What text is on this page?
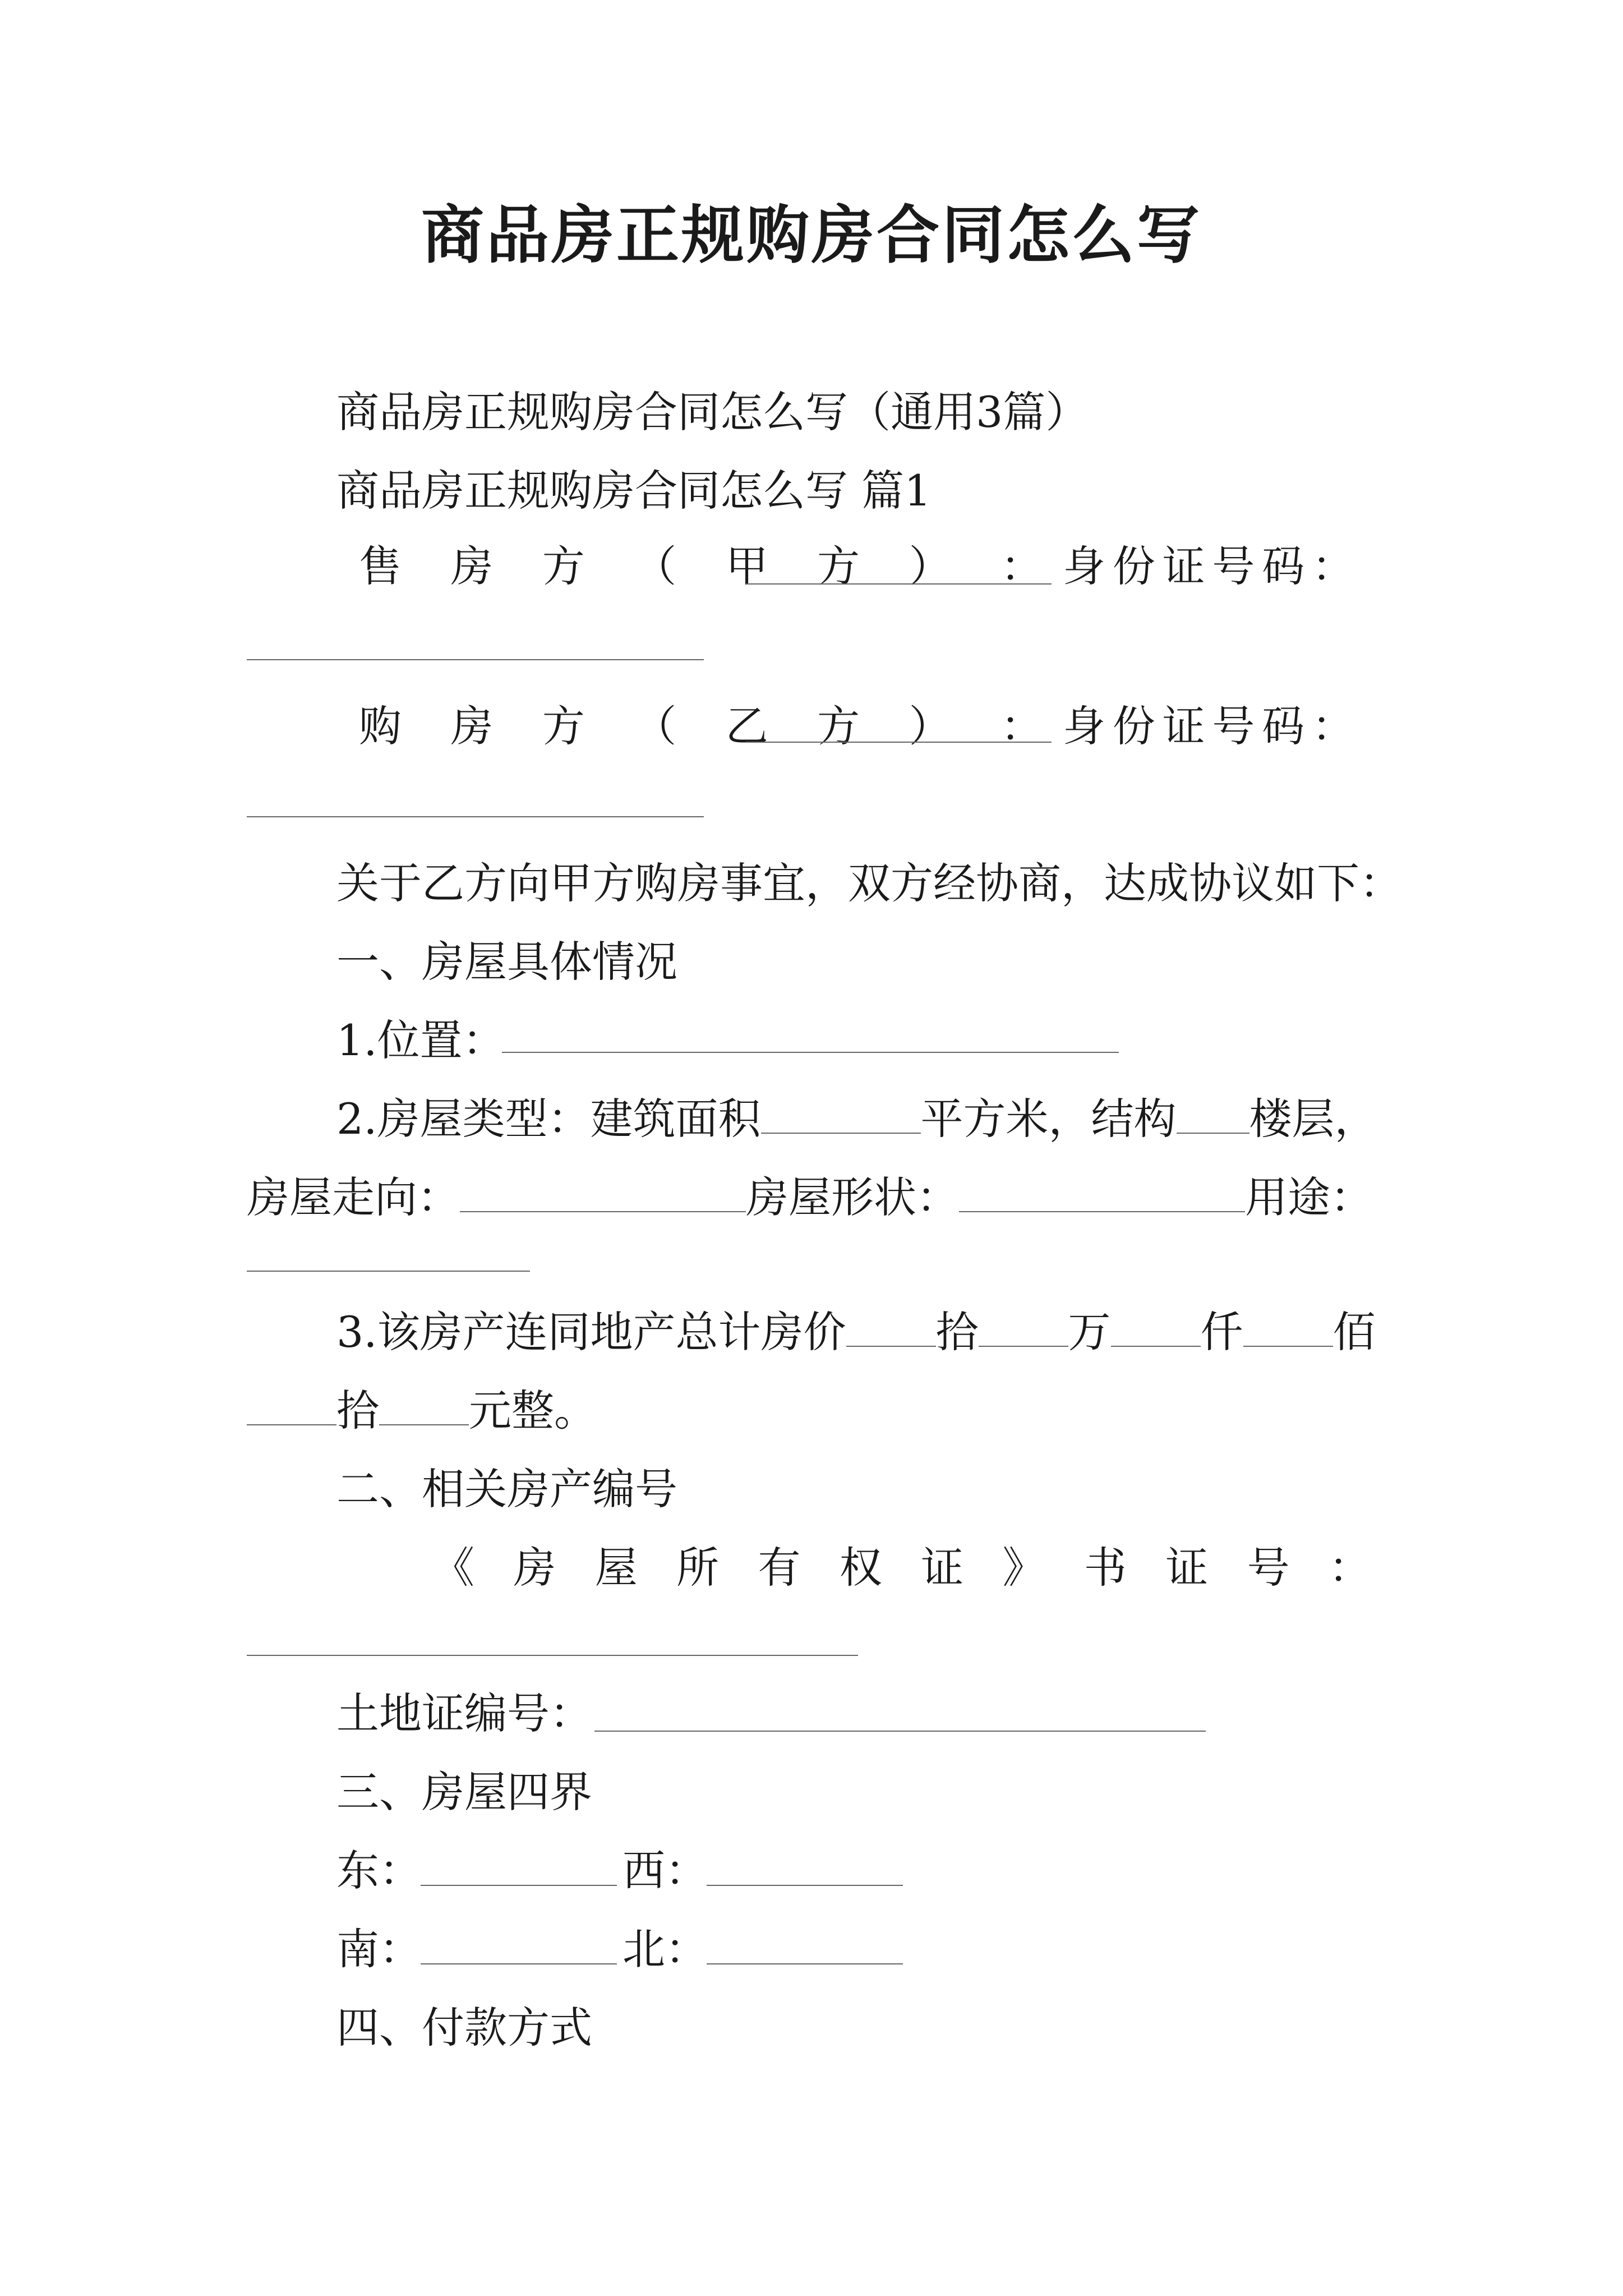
商品房正规购房合同怎么写
商品房正规购房合同怎么写（通用3篇）
商品房正规购房合同怎么写 篇1
售 房 方 （ 甲 方 ） ： 身 份 证 号 码 ：
购 房 方 （ 乙 方 ） ： 身 份 证 号 码 ：
关于乙方向甲方购房事宜，双方经协商，达成协议如下：
一、房屋具体情况
1.位置：
2.房屋类型：建筑面积	平方米，结构 楼层，
房屋走向：	房屋形状：	用途：
3.该房产连同地产总计房价 拾 万 仟 佰
拾 元整。
二、相关房产编号
《 房 屋 所 有 权 证 》 书 证 号 ：
土地证编号：
三、房屋四界
东：	西：
南：	北：
四、付款方式
